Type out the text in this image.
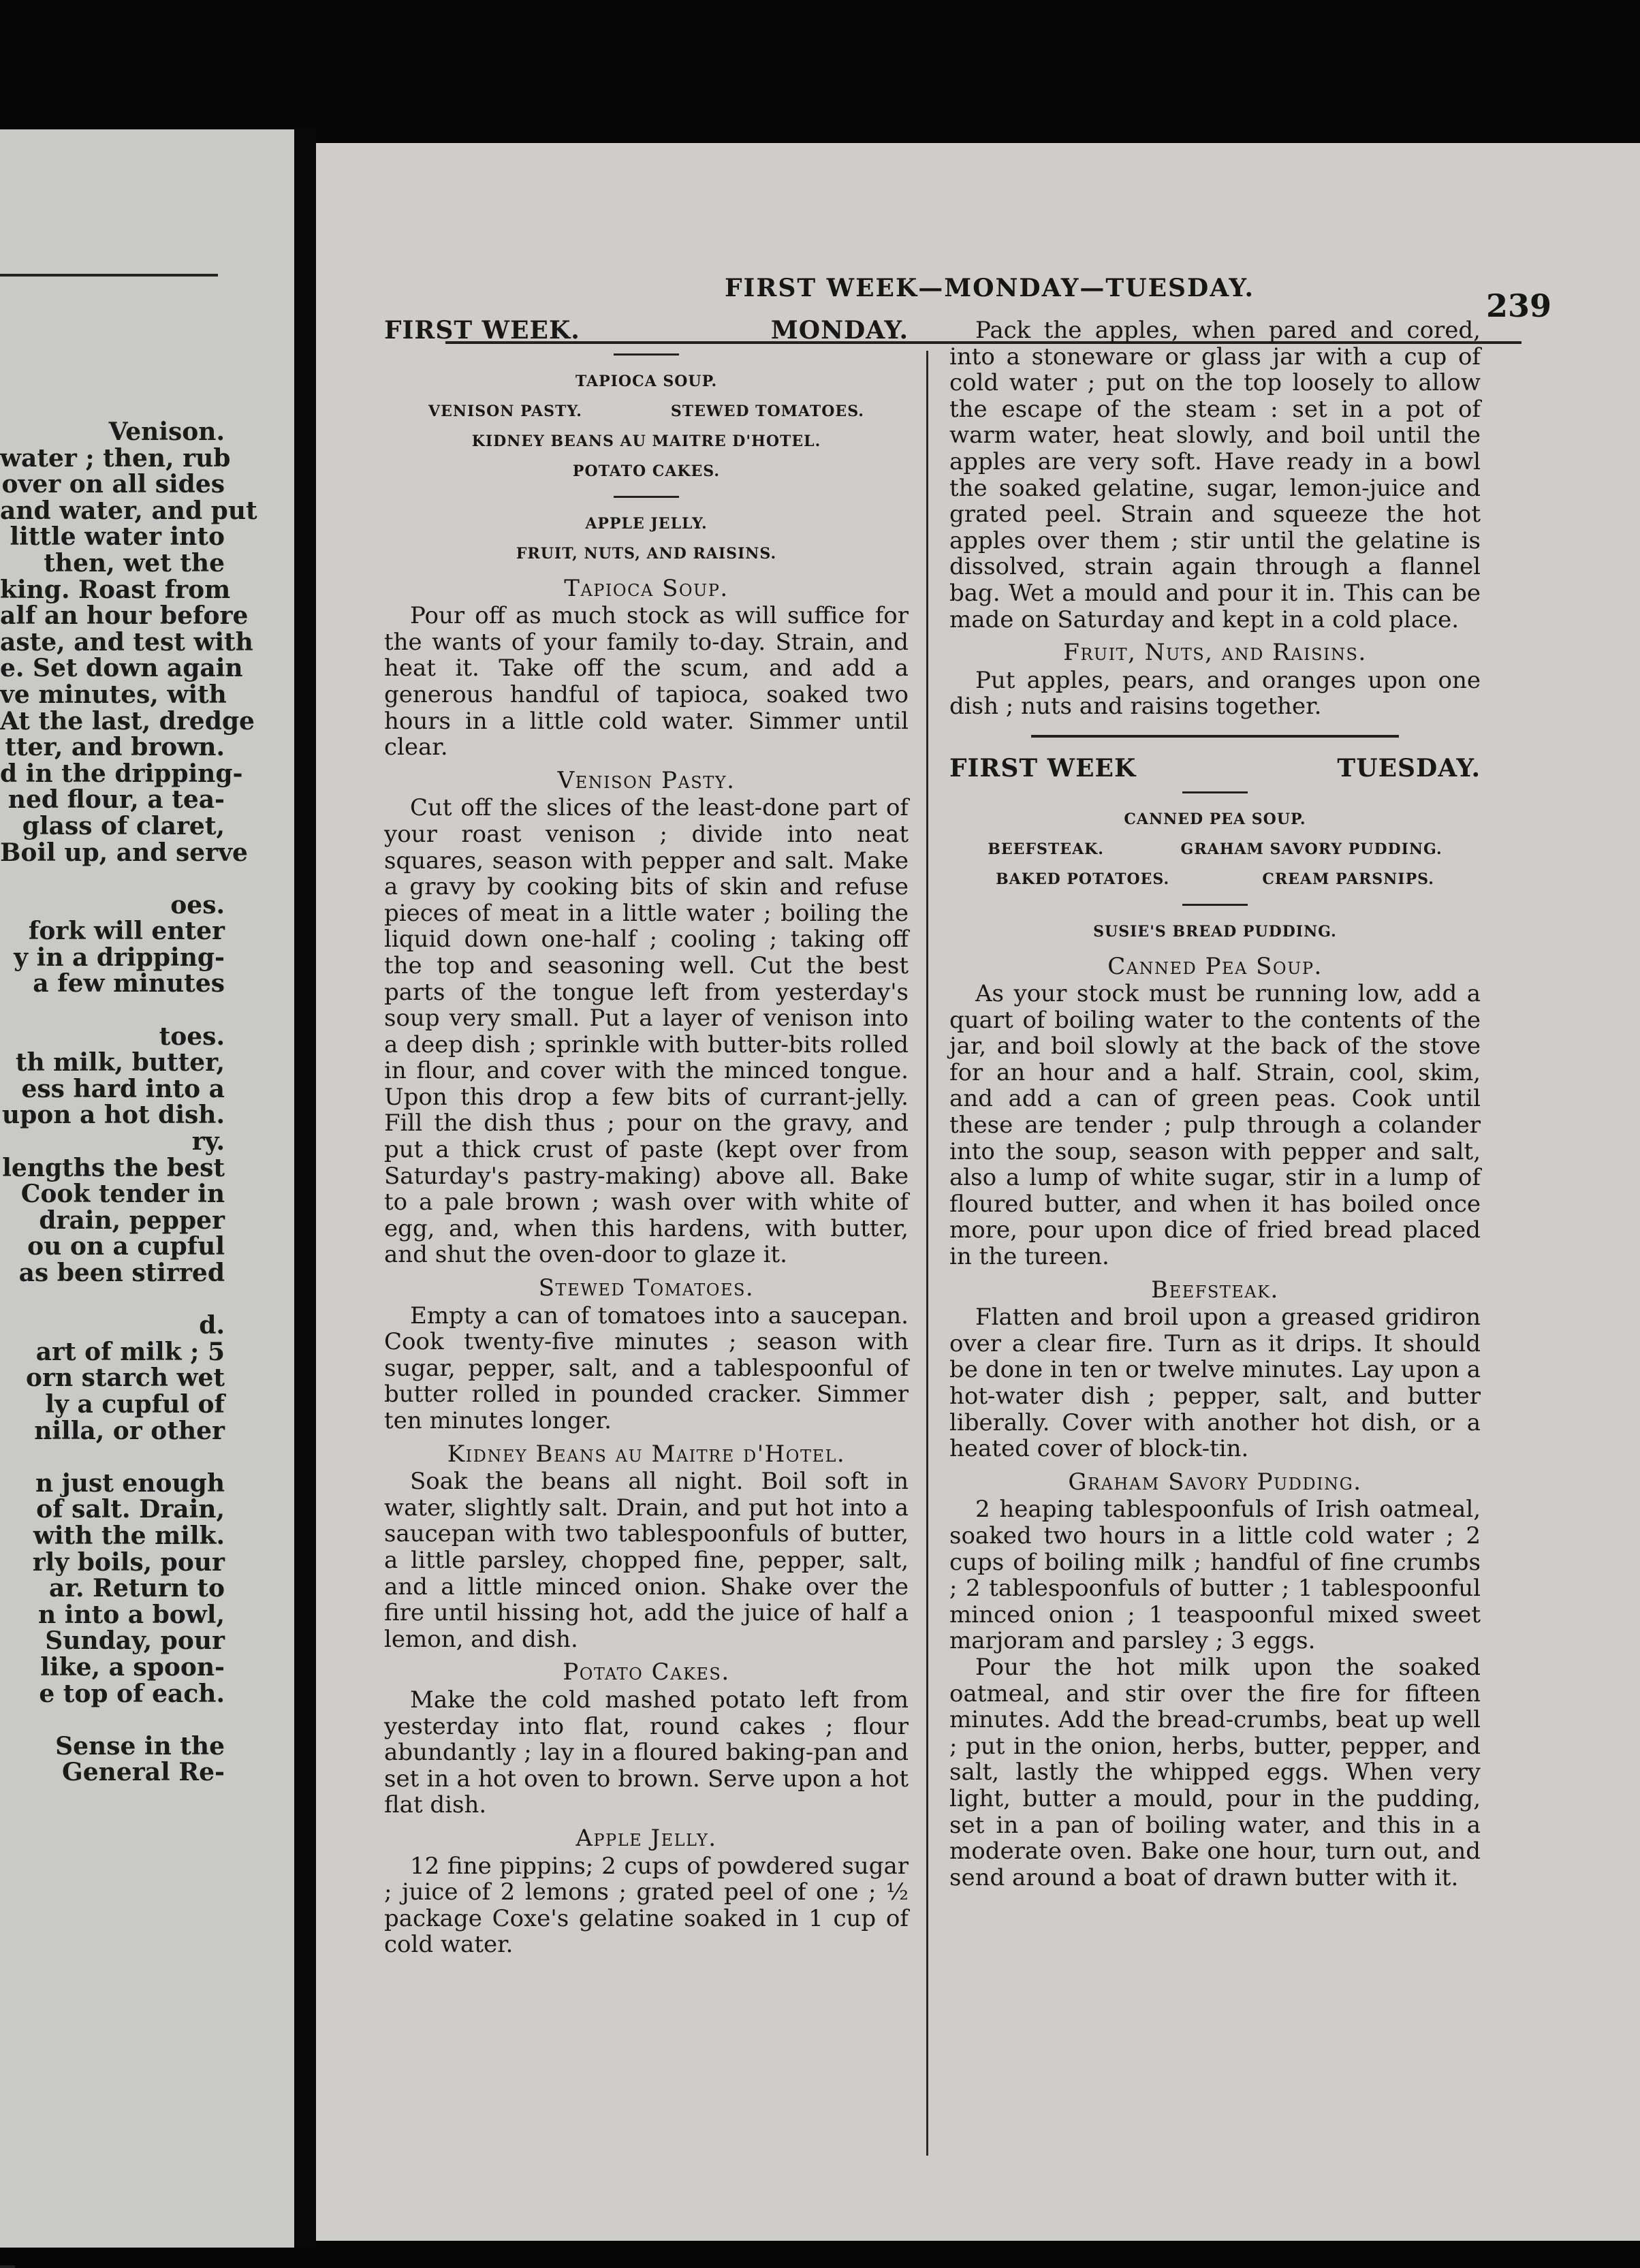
Venison.
water ; then, rub
over on all sides
and water, and put
little water into
then, wet the
king. Roast from
alf an hour before
aste, and test with
e. Set down again
ve minutes, with
At the last, dredge
tter, and brown.
d in the dripping-
ned flour, a tea-
glass of claret,
Boil up, and serve

oes.
fork will enter
y in a dripping-
a few minutes

toes.
th milk, butter,
ess hard into a
upon a hot dish.
ry.
lengths the best
Cook tender in
drain, pepper
ou on a cupful
as been stirred

d.
art of milk ; 5
orn starch wet
ly a cupful of
nilla, or other

n just enough
of salt. Drain,
with the milk.
rly boils, pour
ar. Return to
n into a bowl,
Sunday, pour
like, a spoon-
e top of each.

Sense in the
General Re-
FIRST WEEK—MONDAY—TUESDAY.	239
FIRST WEEK.	MONDAY.
TAPIOCA SOUP.
VENISON PASTY.	STEWED TOMATOES.
KIDNEY BEANS AU MAITRE D'HOTEL.
POTATO CAKES.
APPLE JELLY.
FRUIT, NUTS, AND RAISINS.
Tapioca Soup.

Pour off as much stock as will suffice for the wants of your family to-day. Strain, and heat it. Take off the scum, and add a generous handful of tapioca, soaked two hours in a little cold water. Simmer until clear.

Venison Pasty.

Cut off the slices of the least-done part of your roast venison ; divide into neat squares, season with pepper and salt. Make a gravy by cooking bits of skin and refuse pieces of meat in a little water ; boiling the liquid down one-half ; cooling ; taking off the top and seasoning well. Cut the best parts of the tongue left from yesterday's soup very small. Put a layer of venison into a deep dish ; sprinkle with butter-bits rolled in flour, and cover with the minced tongue. Upon this drop a few bits of currant-jelly. Fill the dish thus ; pour on the gravy, and put a thick crust of paste (kept over from Saturday's pastry-making) above all. Bake to a pale brown ; wash over with white of egg, and, when this hardens, with butter, and shut the oven-door to glaze it.

Stewed Tomatoes.

Empty a can of tomatoes into a saucepan. Cook twenty-five minutes ; season with sugar, pepper, salt, and a tablespoonful of butter rolled in pounded cracker. Simmer ten minutes longer.

Kidney Beans au Maitre d'Hotel.

Soak the beans all night. Boil soft in water, slightly salt. Drain, and put hot into a saucepan with two tablespoonfuls of butter, a little parsley, chopped fine, pepper, salt, and a little minced onion. Shake over the fire until hissing hot, add the juice of half a lemon, and dish.

Potato Cakes.

Make the cold mashed potato left from yesterday into flat, round cakes ; flour abundantly ; lay in a floured baking-pan and set in a hot oven to brown. Serve upon a hot flat dish.

Apple Jelly.

12 fine pippins; 2 cups of powdered sugar ; juice of 2 lemons ; grated peel of one ; ½ package Coxe's gelatine soaked in 1 cup of cold water.

Pack the apples, when pared and cored, into a stoneware or glass jar with a cup of cold water ; put on the top loosely to allow the escape of the steam : set in a pot of warm water, heat slowly, and boil until the apples are very soft. Have ready in a bowl the soaked gelatine, sugar, lemon-juice and grated peel. Strain and squeeze the hot apples over them ; stir until the gelatine is dissolved, strain again through a flannel bag. Wet a mould and pour it in. This can be made on Saturday and kept in a cold place.

Fruit, Nuts, and Raisins.

Put apples, pears, and oranges upon one dish ; nuts and raisins together.

FIRST WEEK	TUESDAY.
CANNED PEA SOUP.
BEEFSTEAK.	GRAHAM SAVORY PUDDING.
BAKED POTATOES.	CREAM PARSNIPS.
SUSIE'S BREAD PUDDING.
Canned Pea Soup.

As your stock must be running low, add a quart of boiling water to the contents of the jar, and boil slowly at the back of the stove for an hour and a half. Strain, cool, skim, and add a can of green peas. Cook until these are tender ; pulp through a colander into the soup, season with pepper and salt, also a lump of white sugar, stir in a lump of floured butter, and when it has boiled once more, pour upon dice of fried bread placed in the tureen.

Beefsteak.

Flatten and broil upon a greased gridiron over a clear fire. Turn as it drips. It should be done in ten or twelve minutes. Lay upon a hot-water dish ; pepper, salt, and butter liberally. Cover with another hot dish, or a heated cover of block-tin.

Graham Savory Pudding.

2 heaping tablespoonfuls of Irish oatmeal, soaked two hours in a little cold water ; 2 cups of boiling milk ; handful of fine crumbs ; 2 tablespoonfuls of butter ; 1 tablespoonful minced onion ; 1 teaspoonful mixed sweet marjoram and parsley ; 3 eggs.

Pour the hot milk upon the soaked oatmeal, and stir over the fire for fifteen minutes. Add the bread-crumbs, beat up well ; put in the onion, herbs, butter, pepper, and salt, lastly the whipped eggs. When very light, butter a mould, pour in the pudding, set in a pan of boiling water, and this in a moderate oven. Bake one hour, turn out, and send around a boat of drawn butter with it.
